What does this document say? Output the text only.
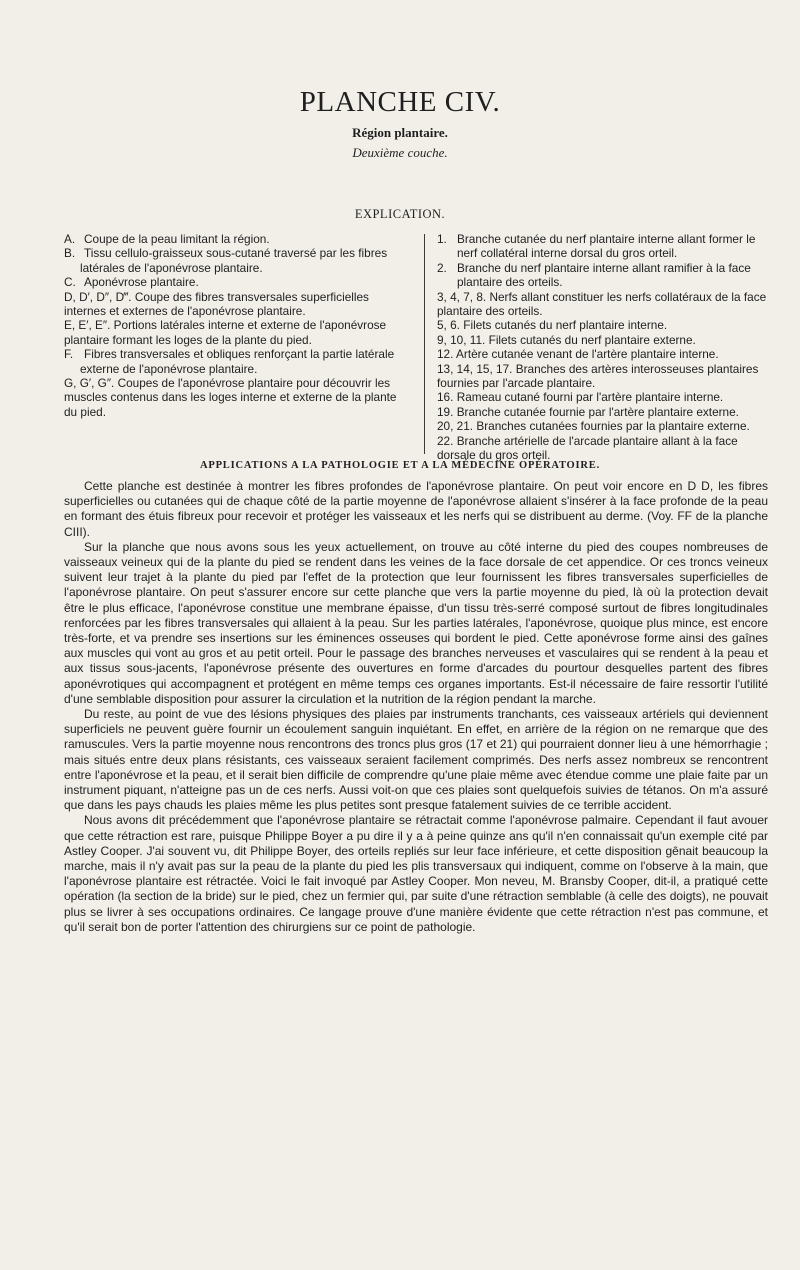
PLANCHE CIV.
Région plantaire.
Deuxième couche.
EXPLICATION.
A. Coupe de la peau limitant la région.
B. Tissu cellulo-graisseux sous-cutané traversé par les fibres latérales de l'aponévrose plantaire.
C. Aponévrose plantaire.
D, D′, D″, D‴. Coupe des fibres transversales superficielles internes et externes de l'aponévrose plantaire.
E, E′, E″. Portions latérales interne et externe de l'aponévrose plantaire formant les loges de la plante du pied.
F. Fibres transversales et obliques renforçant la partie latérale externe de l'aponévrose plantaire.
G, G′, G″. Coupes de l'aponévrose plantaire pour découvrir les muscles contenus dans les loges interne et externe de la plante du pied.
1. Branche cutanée du nerf plantaire interne allant former le nerf collatéral interne dorsal du gros orteil.
2. Branche du nerf plantaire interne allant ramifier à la face plantaire des orteils.
3, 4, 7, 8. Nerfs allant constituer les nerfs collatéraux de la face plantaire des orteils.
5, 6. Filets cutanés du nerf plantaire interne.
9, 10, 11. Filets cutanés du nerf plantaire externe.
12. Artère cutanée venant de l'artère plantaire interne.
13, 14, 15, 17. Branches des artères interosseuses plantaires fournies par l'arcade plantaire.
16. Rameau cutané fourni par l'artère plantaire interne.
19. Branche cutanée fournie par l'artère plantaire externe.
20, 21. Branches cutanées fournies par la plantaire externe.
22. Branche artérielle de l'arcade plantaire allant à la face dorsale du gros orteil.
APPLICATIONS A LA PATHOLOGIE ET A LA MÉDECINE OPÉRATOIRE.

Cette planche est destinée à montrer les fibres profondes de l'aponévrose plantaire. On peut voir encore en D D, les fibres superficielles ou cutanées qui de chaque côté de la partie moyenne de l'aponévrose allaient s'insérer à la face profonde de la peau en formant des étuis fibreux pour recevoir et protéger les vaisseaux et les nerfs qui se distribuent au derme. (Voy. FF de la planche CIII).

Sur la planche que nous avons sous les yeux actuellement, on trouve au côté interne du pied des coupes nombreuses de vaisseaux veineux qui de la plante du pied se rendent dans les veines de la face dorsale de cet appendice. Or ces troncs veineux suivent leur trajet à la plante du pied par l'effet de la protection que leur fournissent les fibres transversales superficielles de l'aponévrose plantaire. On peut s'assurer encore sur cette planche que vers la partie moyenne du pied, là où la protection devait être le plus efficace, l'aponévrose constitue une membrane épaisse, d'un tissu très-serré composé surtout de fibres longitudinales renforcées par les fibres transversales qui allaient à la peau. Sur les parties latérales, l'aponévrose, quoique plus mince, est encore très-forte, et va prendre ses insertions sur les éminences osseuses qui bordent le pied. Cette aponévrose forme ainsi des gaînes aux muscles qui vont au gros et au petit orteil. Pour le passage des branches nerveuses et vasculaires qui se rendent à la peau et aux tissus sous-jacents, l'aponévrose présente des ouvertures en forme d'arcades du pourtour desquelles partent des fibres aponévrotiques qui accompagnent et protégent en même temps ces organes importants. Est-il nécessaire de faire ressortir l'utilité d'une semblable disposition pour assurer la circulation et la nutrition de la région pendant la marche.

Du reste, au point de vue des lésions physiques des plaies par instruments tranchants, ces vaisseaux artériels qui deviennent superficiels ne peuvent guère fournir un écoulement sanguin inquiétant. En effet, en arrière de la région on ne remarque que des ramuscules. Vers la partie moyenne nous rencontrons des troncs plus gros (17 et 21) qui pourraient donner lieu à une hémorrhagie ; mais situés entre deux plans résistants, ces vaisseaux seraient facilement comprimés. Des nerfs assez nombreux se rencontrent entre l'aponévrose et la peau, et il serait bien difficile de comprendre qu'une plaie même avec étendue comme une plaie faite par un instrument piquant, n'atteigne pas un de ces nerfs. Aussi voit-on que ces plaies sont quelquefois suivies de tétanos. On m'a assuré que dans les pays chauds les plaies même les plus petites sont presque fatalement suivies de ce terrible accident.

Nous avons dit précédemment que l'aponévrose plantaire se rétractait comme l'aponévrose palmaire. Cependant il faut avouer que cette rétraction est rare, puisque Philippe Boyer a pu dire il y a à peine quinze ans qu'il n'en connaissait qu'un exemple cité par Astley Cooper. J'ai souvent vu, dit Philippe Boyer, des orteils repliés sur leur face inférieure, et cette disposition gênait beaucoup la marche, mais il n'y avait pas sur la peau de la plante du pied les plis transversaux qui indiquent, comme on l'observe à la main, que l'aponévrose plantaire est rétractée. Voici le fait invoqué par Astley Cooper. Mon neveu, M. Bransby Cooper, dit-il, a pratiqué cette opération (la section de la bride) sur le pied, chez un fermier qui, par suite d'une rétraction semblable (à celle des doigts), ne pouvait plus se livrer à ses occupations ordinaires. Ce langage prouve d'une manière évidente que cette rétraction n'est pas commune, et qu'il serait bon de porter l'attention des chirurgiens sur ce point de pathologie.
